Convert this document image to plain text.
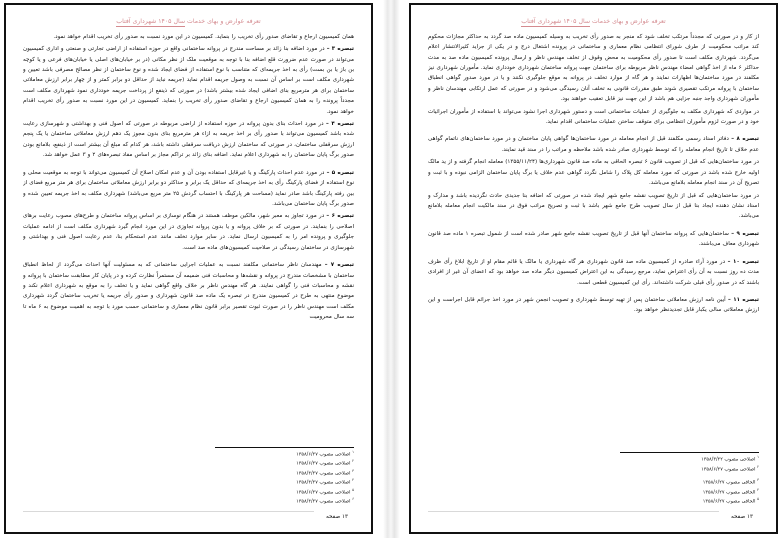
تعرفه عوارض و بهای خدمات سال ۱۴۰۵ شهرداری آفتاب

از کار و در صورتی که مجدداً مرتکب تخلف شود که منجر به صدور رأی تخریب به وسیله کمیسیون ماده صد گردد به حداکثر مجازات محکوم کند مراتب محکومیت از طرف شورای انتظامی نظام معماری و ساختمانی در پرونده اشتغال درج و در یکی از جراید کثیرالانتشار اعلام می‌گردد. شهرداری مکلف است تا صدور رأی محکومیت به محض وقوف از تخلف مهندس ناظر و ارسال پرونده کمیسیون ماده صد به مدت حداکثر ۶ ماه از اخذ گواهی امضاء مهندس ناظر مربوطه برای ساختمان جهت پروانه ساختمان شهرداری خودداری نماید. مأموران شهرداری نیز مکلفند در مورد ساختمان‌ها اظهارات نمایند و هر گاه از موارد تخلف در پروانه به موقع جلوگیری نکنند و یا در مورد صدور گواهی انطباق ساختمان با پروانه مرتکب تقصیری شوند طبق مقررات قانونی به تخلف آنان رسیدگی می‌شود و در صورتی که عمل ارتکابی مهندسان ناظر و مأموران شهرداری واجد جنبه جزایی هم باشد از این جهت نیز قابل تعقیب خواهند بود.

در مواردی که شهرداری مکلف به جلوگیری از عملیات ساختمانی است و دستور شهرداری اجرا نشود می‌تواند با استفاده از مأموران اجرائیات خود و در صورت لزوم مأموران انتظامی برای متوقف ساختن عملیات ساختمانی اقدام نماید.

تبصره ۸ – دفاتر اسناد رسمی مکلفند قبل از انجام معامله در مورد ساختمان‌ها گواهی پایان ساختمان و در مورد ساختمان‌های ناتمام گواهی عدم خلاف تا تاریخ انجام معامله را که توسط شهرداری صادر شده باشد ملاحظه و مراتب را در سند قید نمایند.

در مورد ساختمان‌هایی که قبل از تصویب قانون ۶ تبصره الحاقی به ماده صد قانون شهرداری‌ها (۱۳۵۵/۱۱/۲۴) معامله انجام گرفته و از ید مالک اولیه خارج شده باشد در صورتی که مورد معامله کل پلاک را شامل نگردد گواهی عدم خلاف یا برگ پایان ساختمان الزامی نبوده و با ثبت و تصریح آن در سند انجام معامله بلامانع می‌باشد.

در مورد ساختمان‌هایی که قبل از تاریخ تصویب نقشه جامع شهر ایجاد شده در صورتی که اضافه بنا جدیدی حادث نگردیده باشد و مدارک و اسناد نشان دهنده ایجاد بنا قبل از سال تصویب طرح جامع شهر باشد با ثبت و تصریح مراتب فوق در سند مالکیت انجام معامله بلامانع می‌باشد.

تبصره ۹ – ساختمان‌هایی که پروانه ساختمان آنها قبل از تاریخ تصویب نقشه جامع شهر صادر شده است از شمول تبصره ۱ ماده صد قانون شهرداری معاف می‌باشند.

تبصره ۱۰ – در مورد آراء صادره از کمیسیون ماده صد قانون شهرداری هر گاه شهرداری یا مالک یا قائم مقام او از تاریخ ابلاغ رأی ظرف مدت ده روز نسبت به آن رأی اعتراض نماید، مرجع رسیدگی به این اعتراض کمیسیون دیگر ماده صد خواهد بود که اعضای آن غیر از افرادی باشند که در صدور رأی قبلی شرکت داشته‌اند. رأی این کمیسیون قطعی است.

تبصره ۱۱ – آیین نامه ارزش معاملاتی ساختمان پس از تهیه توسط شهرداری و تصویب انجمن شهر در مورد اخذ جرائم قابل اجراست و این ارزش معاملاتی سالی یکبار قابل تجدیدنظر خواهد بود.

$^۱$ اصلاحی مصوب ۱۳۵۸/۳/۲۲
$^۲$ اصلاحی مصوب ۱۳۵۸/۶/۲۷
$^۳$ الحاقی مصوب ۱۳۵۸/۶/۲۷
$^۴$ الحاقی مصوب ۱۳۵۸/۶/۲۷
$^۵$ الحاقی مصوب ۱۳۵۸/۶/۲۷
۱۳ صفحه
تعرفه عوارض و بهای خدمات سال ۱۴۰۵ شهرداری آفتاب

همان کمیسیون ارجاع و تقاضای صدور رأی تخریب را بنماید. کمیسیون در این مورد نسبت به صدور رأی تخریب اقدام خواهد نمود.

تبصره ۳ – در مورد اضافه بنا زائد بر مساحت مندرج در پروانه ساختمانی واقع در حوزه استفاده از اراضی تجارتی و صنعتی و اداری کمیسیون می‌تواند در صورت عدم ضرورت قلع اضافه بنا با توجه به موقعیت ملک از نظر مکانی (در بر خیابان‌های اصلی یا خیابان‌های فرعی و یا کوچه بن باز یا بن بست) رأی به اخذ جریمه‌ای که متناسب با نوع استفاده از فضای ایجاد شده و نوع ساختمان از نظر مصالح مصرفی باشد تعیین و شهرداری مکلف است بر اساس آن نسبت به وصول جریمه اقدام نماید (جریمه نباید از حداقل دو برابر کمتر و از چهار برابر ارزش معاملاتی ساختمان برای هر مترمربع بنای اضافی ایجاد شده بیشتر باشد) در صورتی که ذینفع از پرداخت جریمه خودداری نمود شهرداری مکلف است مجدداً پرونده را به همان کمیسیون ارجاع و تقاضای صدور رأی تخریب را بنماید. کمیسیون در این مورد نسبت به صدور رأی تخریب اقدام خواهد نمود.

تبصره ۴ – در مورد احداث بنای بدون پروانه در حوزه استفاده از اراضی مربوطه در صورتی که اصول فنی و بهداشتی و شهرسازی رعایت شده باشد کمیسیون می‌تواند با صدور رأی بر اخذ جریمه به ازاء هر مترمربع بنای بدون مجوز یک دهم ارزش معاملاتی ساختمان یا یک پنجم ارزش سرقفلی ساختمان، در صورتی که ساختمان ارزش دریافت سرقفلی داشته باشد، هر کدام که مبلغ آن بیشتر است از ذینفع، بلامانع بودن صدور برگ پایان ساختمان را به شهرداری اعلام نماید. اضافه بنای زائد بر تراکم مجاز بر اساس مفاد تبصره‌های ۲ و ۳ عمل خواهد شد.

تبصره ۵ – در مورد عدم احداث پارکینگ و یا غیرقابل استفاده بودن آن و عدم امکان اصلاح آن کمیسیون می‌تواند با توجه به موقعیت محلی و نوع استفاده از فضای پارکینگ رأی به اخذ جریمه‌ای که حداقل یک برابر و حداکثر دو برابر ارزش معاملاتی ساختمان برای هر متر مربع فضای از بین رفته پارکینگ باشد صادر نماید (مساحت هر پارکینگ با احتساب گردش ۲۵ متر مربع می‌باشد) شهرداری مکلف به اخذ جریمه تعیین شده و صدور برگ پایان ساختمان می‌باشد.

تبصره ۶ – در مورد تجاوز به معبر شهر، مالکین موظف هستند در هنگام نوسازی بر اساس پروانه ساختمان و طرح‌های مصوب رعایت برهای اصلاحی را بنمایند. در صورتی که بر خلاف پروانه و یا بدون پروانه تجاوزی در این مورد انجام گیرد شهرداری مکلف است از ادامه عملیات جلوگیری و پرونده امر را به کمیسیون ارسال نماید. در سایر موارد تخلف مانند عدم استحکام بنا، عدم رعایت اصول فنی و بهداشتی و شهرسازی در ساختمان رسیدگی در صلاحیت کمیسیون‌های ماده صد است.

تبصره ۷ – مهندسان ناظر ساختمانی مکلفند نسبت به عملیات اجرایی ساختمانی که به مسئولیت آنها احداث می‌گردد از لحاظ انطباق ساختمان با مشخصات مندرج در پروانه و نقشه‌ها و محاسبات فنی ضمیمه آن مستمراً نظارت کرده و در پایان کار مطابقت ساختمان با پروانه و نقشه و محاسبات فنی را گواهی نمایند. هر گاه مهندس ناظر بر خلاف واقع گواهی نماید و یا تخلف را به موقع به شهرداری اعلام نکند و موضوع منتهی به طرح در کمیسیون مندرج در تبصره یک ماده صد قانون شهرداری و صدور رأی جریمه یا تخریب ساختمان گردد شهرداری مکلف است مهندس ناظر را در صورت ثبوت تقصیر برابر قانون نظام معماری و ساختمانی حسب مورد با توجه به اهمیت موضوع به ۶ ماه تا سه سال محرومیت

$^۱$ اصلاحی مصوب ۱۳۵۸/۶/۲۷
$^۲$ اصلاحی مصوب ۱۳۵۸/۶/۲۷
$^۳$ اصلاحی مصوب ۱۳۵۸/۴/۲۷
$^۴$ اصلاحی مصوب ۱۳۵۸/۴/۲۷
$^۵$ اصلاحی مصوب ۱۳۵۸/۶/۲۷
$^۶$ اصلاحی مصوب ۱۳۵۸/۴/۲۷
۱۳ صفحه
